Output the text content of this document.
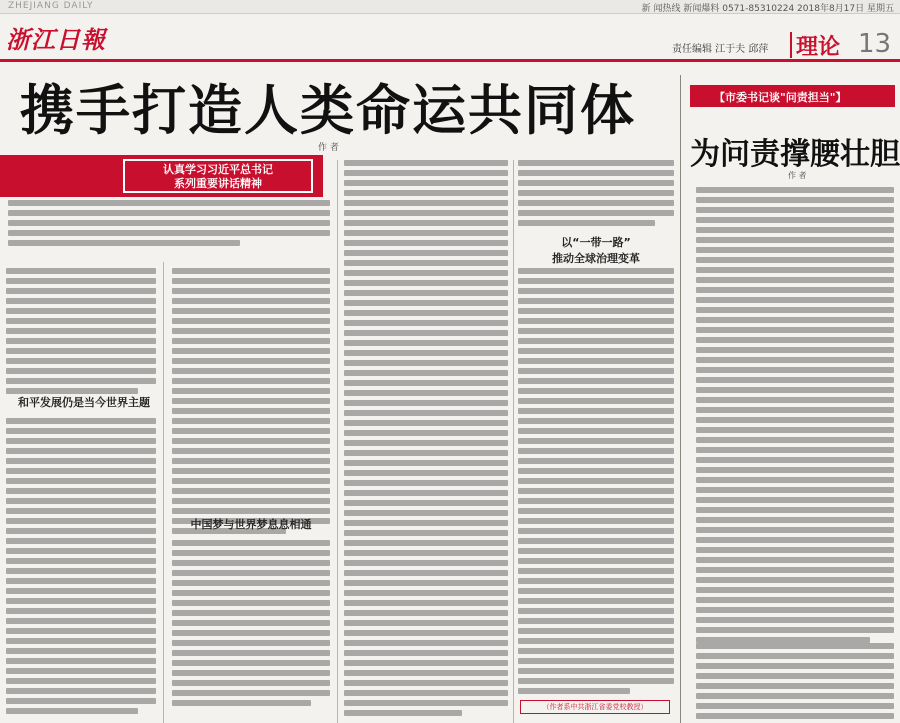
ZHEJIANG DAILY	新 闻热线 新闻爆料 0571-85310224 2018年8月17日 星期五
浙江日報	责任编辑 江于夫 邱萍 理论 13
携手打造人类命运共同体
作 者
认真学习习近平总书记
系列重要讲话精神
和平发展仍是当今世界主题
中国梦与世界梦息息相通
以“一带一路”
推动全球治理变革
（作者系中共浙江省委党校教授）
【市委书记谈"问责担当"】
为问责撑腰壮胆
作 者
